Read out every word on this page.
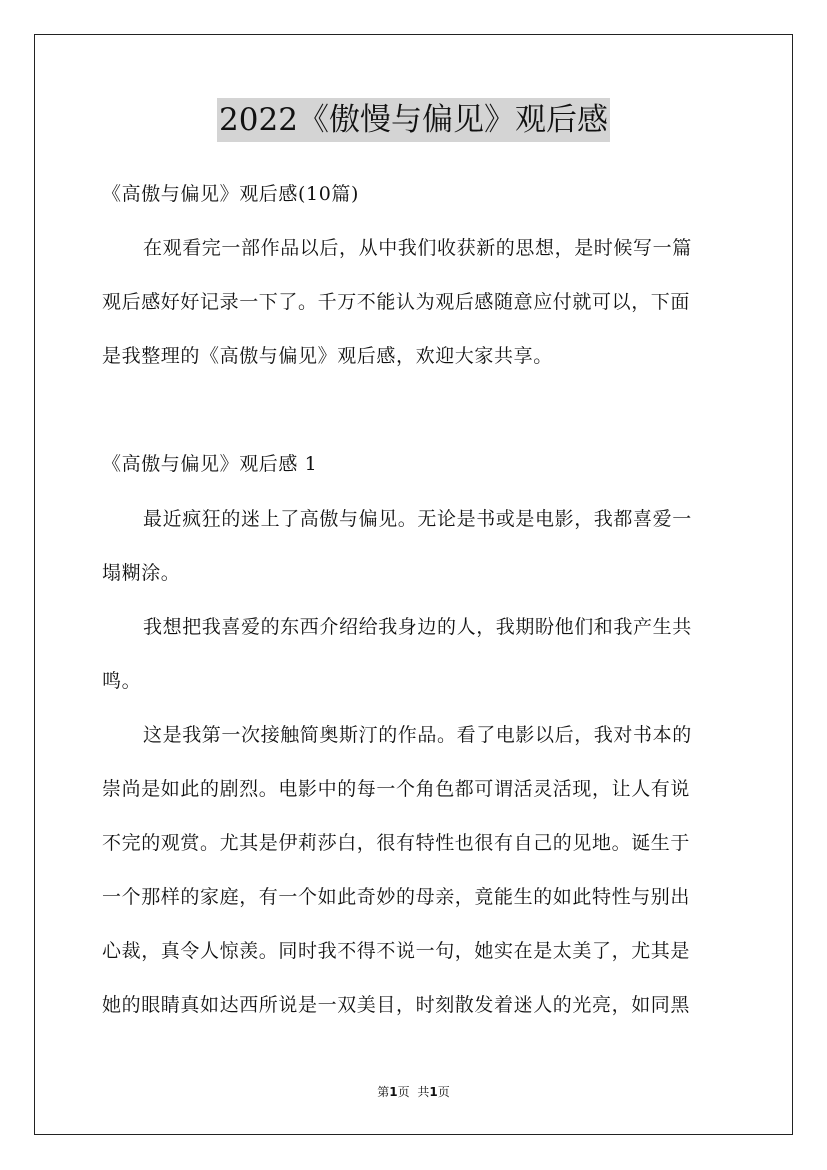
2022《傲慢与偏见》观后感
《高傲与偏见》观后感(10篇)
在观看完一部作品以后，从中我们收获新的思想，是时候写一篇
观后感好好记录一下了。千万不能认为观后感随意应付就可以，下面
是我整理的《高傲与偏见》观后感，欢迎大家共享。
《高傲与偏见》观后感 1
最近疯狂的迷上了高傲与偏见。无论是书或是电影，我都喜爱一
塌糊涂。
我想把我喜爱的东西介绍给我身边的人，我期盼他们和我产生共
鸣。
这是我第一次接触简奥斯汀的作品。看了电影以后，我对书本的
崇尚是如此的剧烈。电影中的每一个角色都可谓活灵活现，让人有说
不完的观赏。尤其是伊莉莎白，很有特性也很有自己的见地。诞生于
一个那样的家庭，有一个如此奇妙的母亲，竟能生的如此特性与别出
心裁，真令人惊羡。同时我不得不说一句，她实在是太美了，尤其是
她的眼睛真如达西所说是一双美目，时刻散发着迷人的光亮，如同黑
第1页 共1页
